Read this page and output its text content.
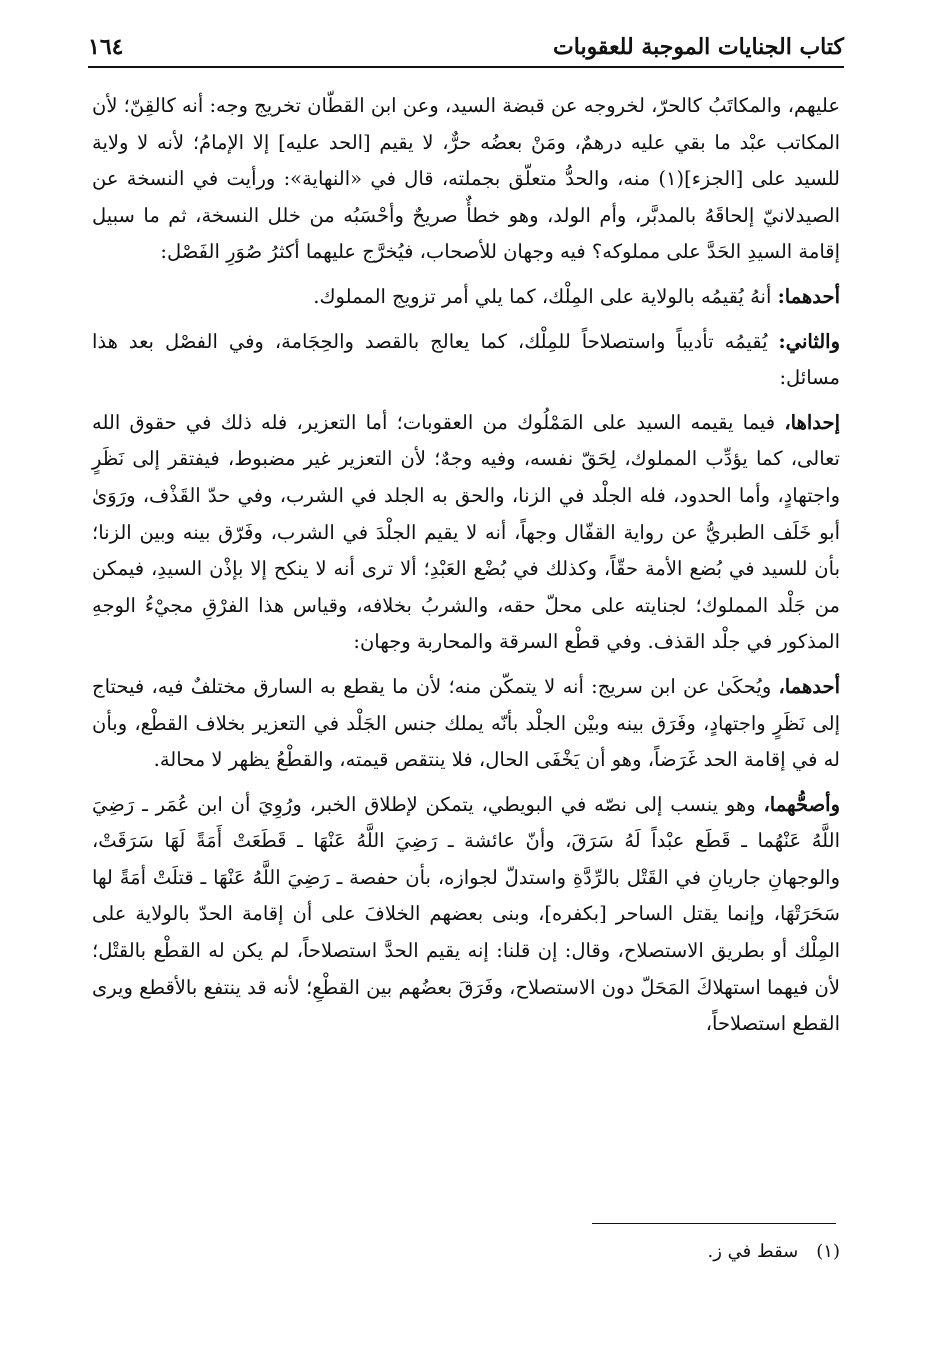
١٦٤	كتاب الجنايات الموجبة للعقوبات

عليهم، والمكاتَبُ كالحرّ، لخروجه عن قبضة السيد، وعن ابن القطّان تخريج وجه: أنه كالقِنّ؛ لأن المكاتب عبْد ما بقي عليه درهمٌ، ومَنْ بعضُه حرٌّ، لا يقيم [الحد عليه] إلا الإمامُ؛ لأنه لا ولاية للسيد على [الجزء](١) منه، والحدُّ متعلّق بجملته، قال في «النهاية»: ورأيت في النسخة عن الصيدلانيّ إلحاقَهُ بالمدبَّر، وأم الولد، وهو خطأٌ صريحٌ وأحْسَبُه من خلل النسخة، ثم ما سبيل إقامة السيدِ الحَدَّ على مملوكه؟ فيه وجهان للأصحاب، فيُخرَّج عليهما أكثرُ صُوَرِ الفَصْل:

أحدهما: أنهُ يُقيمُه بالولاية على المِلْك، كما يلي أمر تزويج المملوك.

والثاني: يُقيمُه تأديباً واستصلاحاً للمِلْك، كما يعالج بالقصد والحِجَامة، وفي الفصْل بعد هذا مسائل:

إحداها، فيما يقيمه السيد على المَمْلُوك من العقوبات؛ أما التعزير، فله ذلك في حقوق الله تعالى، كما يؤدِّب المملوك، لِحَقّ نفسه، وفيه وجهٌ؛ لأن التعزير غير مضبوط، فيفتقر إلى نَظَرٍ واجتهادٍ، وأما الحدود، فله الجلْد في الزنا، والحق به الجلد في الشرب، وفي حدّ القَذْف، ورَوَىٰ أبو خَلَف الطبريُّ عن رواية القفّال وجهاً، أنه لا يقيم الجلْدَ في الشرب، وفَرّق بينه وبين الزنا؛ بأن للسيد في بُضع الأمة حقّاً، وكذلك في بُضْع العَبْدِ؛ ألا ترى أنه لا ينكح إلا بإذْن السيدِ، فيمكن من جَلْد المملوك؛ لجنايته على محلّ حقه، والشربُ بخلافه، وقياس هذا الفرْقِ مجيْءُ الوجهِ المذكور في جلْد القذف. وفي قطْع السرقة والمحاربة وجهان:

أحدهما، ويُحكَىٰ عن ابن سريج: أنه لا يتمكّن منه؛ لأن ما يقطع به السارق مختلفٌ فيه، فيحتاج إلى نَظَرٍ واجتهادٍ، وفَرَق بينه وبيْن الجلْد بأنّه يملك جنس الجَلْد في التعزير بخلاف القطْع، وبأن له في إقامة الحد غَرَضاً، وهو أن يَخْفَى الحال، فلا ينتقص قيمته، والقطْعُ يظهر لا محالة.

وأصحُّهما، وهو ينسب إلى نصّه في البويطي، يتمكن لإطلاق الخبر، ورُوِيَ أن ابن عُمَر ـ رَضِيَ اللَّهُ عَنْهُما ـ قَطَع عبْداً لَهُ سَرَقَ، وأنّ عائشة ـ رَضِيَ اللَّهُ عَنْهَا ـ قَطَعَتْ أَمَةً لَهَا سَرَقَتْ، والوجهانِ جاريانِ في القَتْل بالرِّدَّةِ واستدلّ لجوازه، بأن حفصة ـ رَضِيَ اللَّهُ عَنْهَا ـ قتلَتْ أمَةً لها سَحَرَتْهَا، وإنما يقتل الساحر [بكفره]، وبنى بعضهم الخلافَ على أن إقامة الحدّ بالولاية على المِلْك أو بطريق الاستصلاح، وقال: إن قلنا: إنه يقيم الحدَّ استصلاحاً، لم يكن له القطْع بالقتْل؛ لأن فيهما استهلاكَ المَحَلّ دون الاستصلاح، وفَرَقَ بعضُهم بين القطْعِ؛ لأنه قد ينتفع بالأقطع ويرى القطع استصلاحاً،

(١)سقط في ز.
